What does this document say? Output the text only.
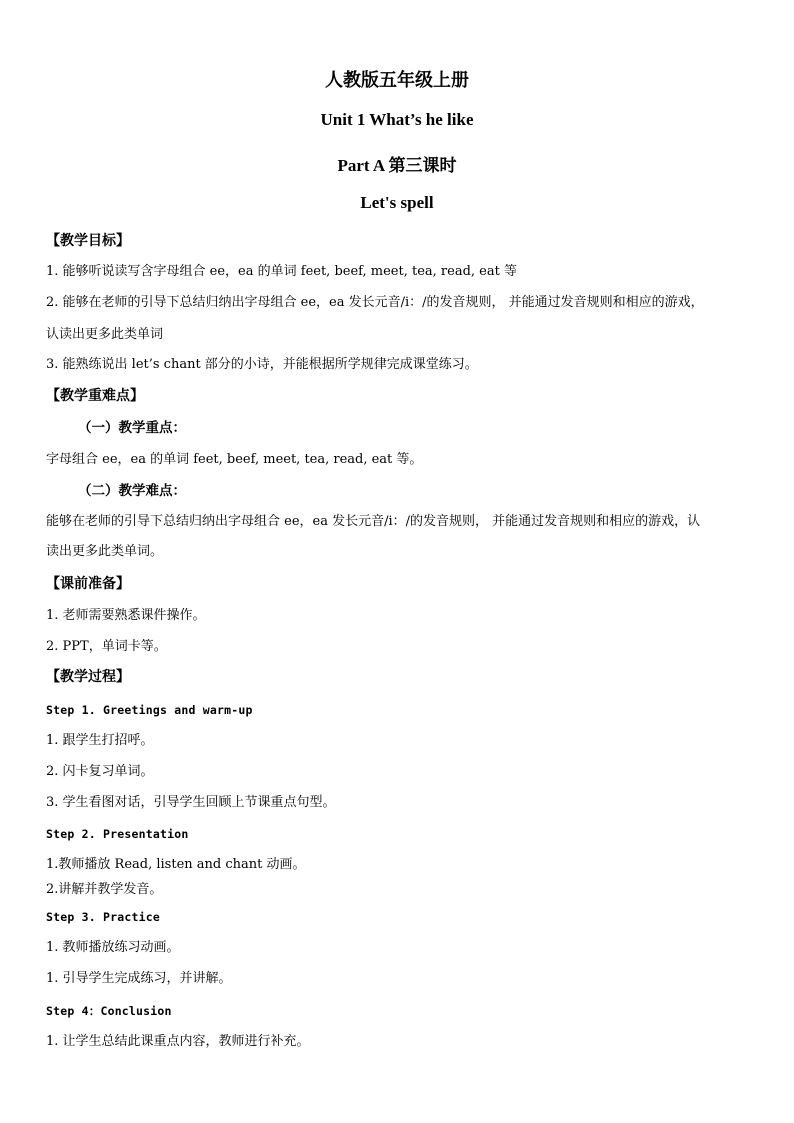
人教版五年级上册
Unit 1 What’s he like
Part A 第三课时
Let's spell
【教学目标】
1. 能够听说读写含字母组合 ee，ea 的单词 feet, beef, meet, tea, read, eat 等
2. 能够在老师的引导下总结归纳出字母组合 ee，ea 发长元音/i：/的发音规则， 并能通过发音规则和相应的游戏，
认读出更多此类单词
3. 能熟练说出 let’s chant 部分的小诗，并能根据所学规律完成课堂练习。
【教学重难点】
（一）教学重点：
字母组合 ee，ea 的单词 feet, beef, meet, tea, read, eat 等。
（二）教学难点：
能够在老师的引导下总结归纳出字母组合 ee，ea 发长元音/i：/的发音规则， 并能通过发音规则和相应的游戏，认
读出更多此类单词。
【课前准备】
1. 老师需要熟悉课件操作。
2. PPT，单词卡等。
【教学过程】
Step 1. Greetings and warm-up
1. 跟学生打招呼。
2. 闪卡复习单词。
3. 学生看图对话，引导学生回顾上节课重点句型。
Step 2. Presentation
1.教师播放 Read, listen and chant 动画。
2.讲解并教学发音。
Step 3. Practice
1. 教师播放练习动画。
1. 引导学生完成练习，并讲解。
Step 4：Conclusion
1. 让学生总结此课重点内容，教师进行补充。
